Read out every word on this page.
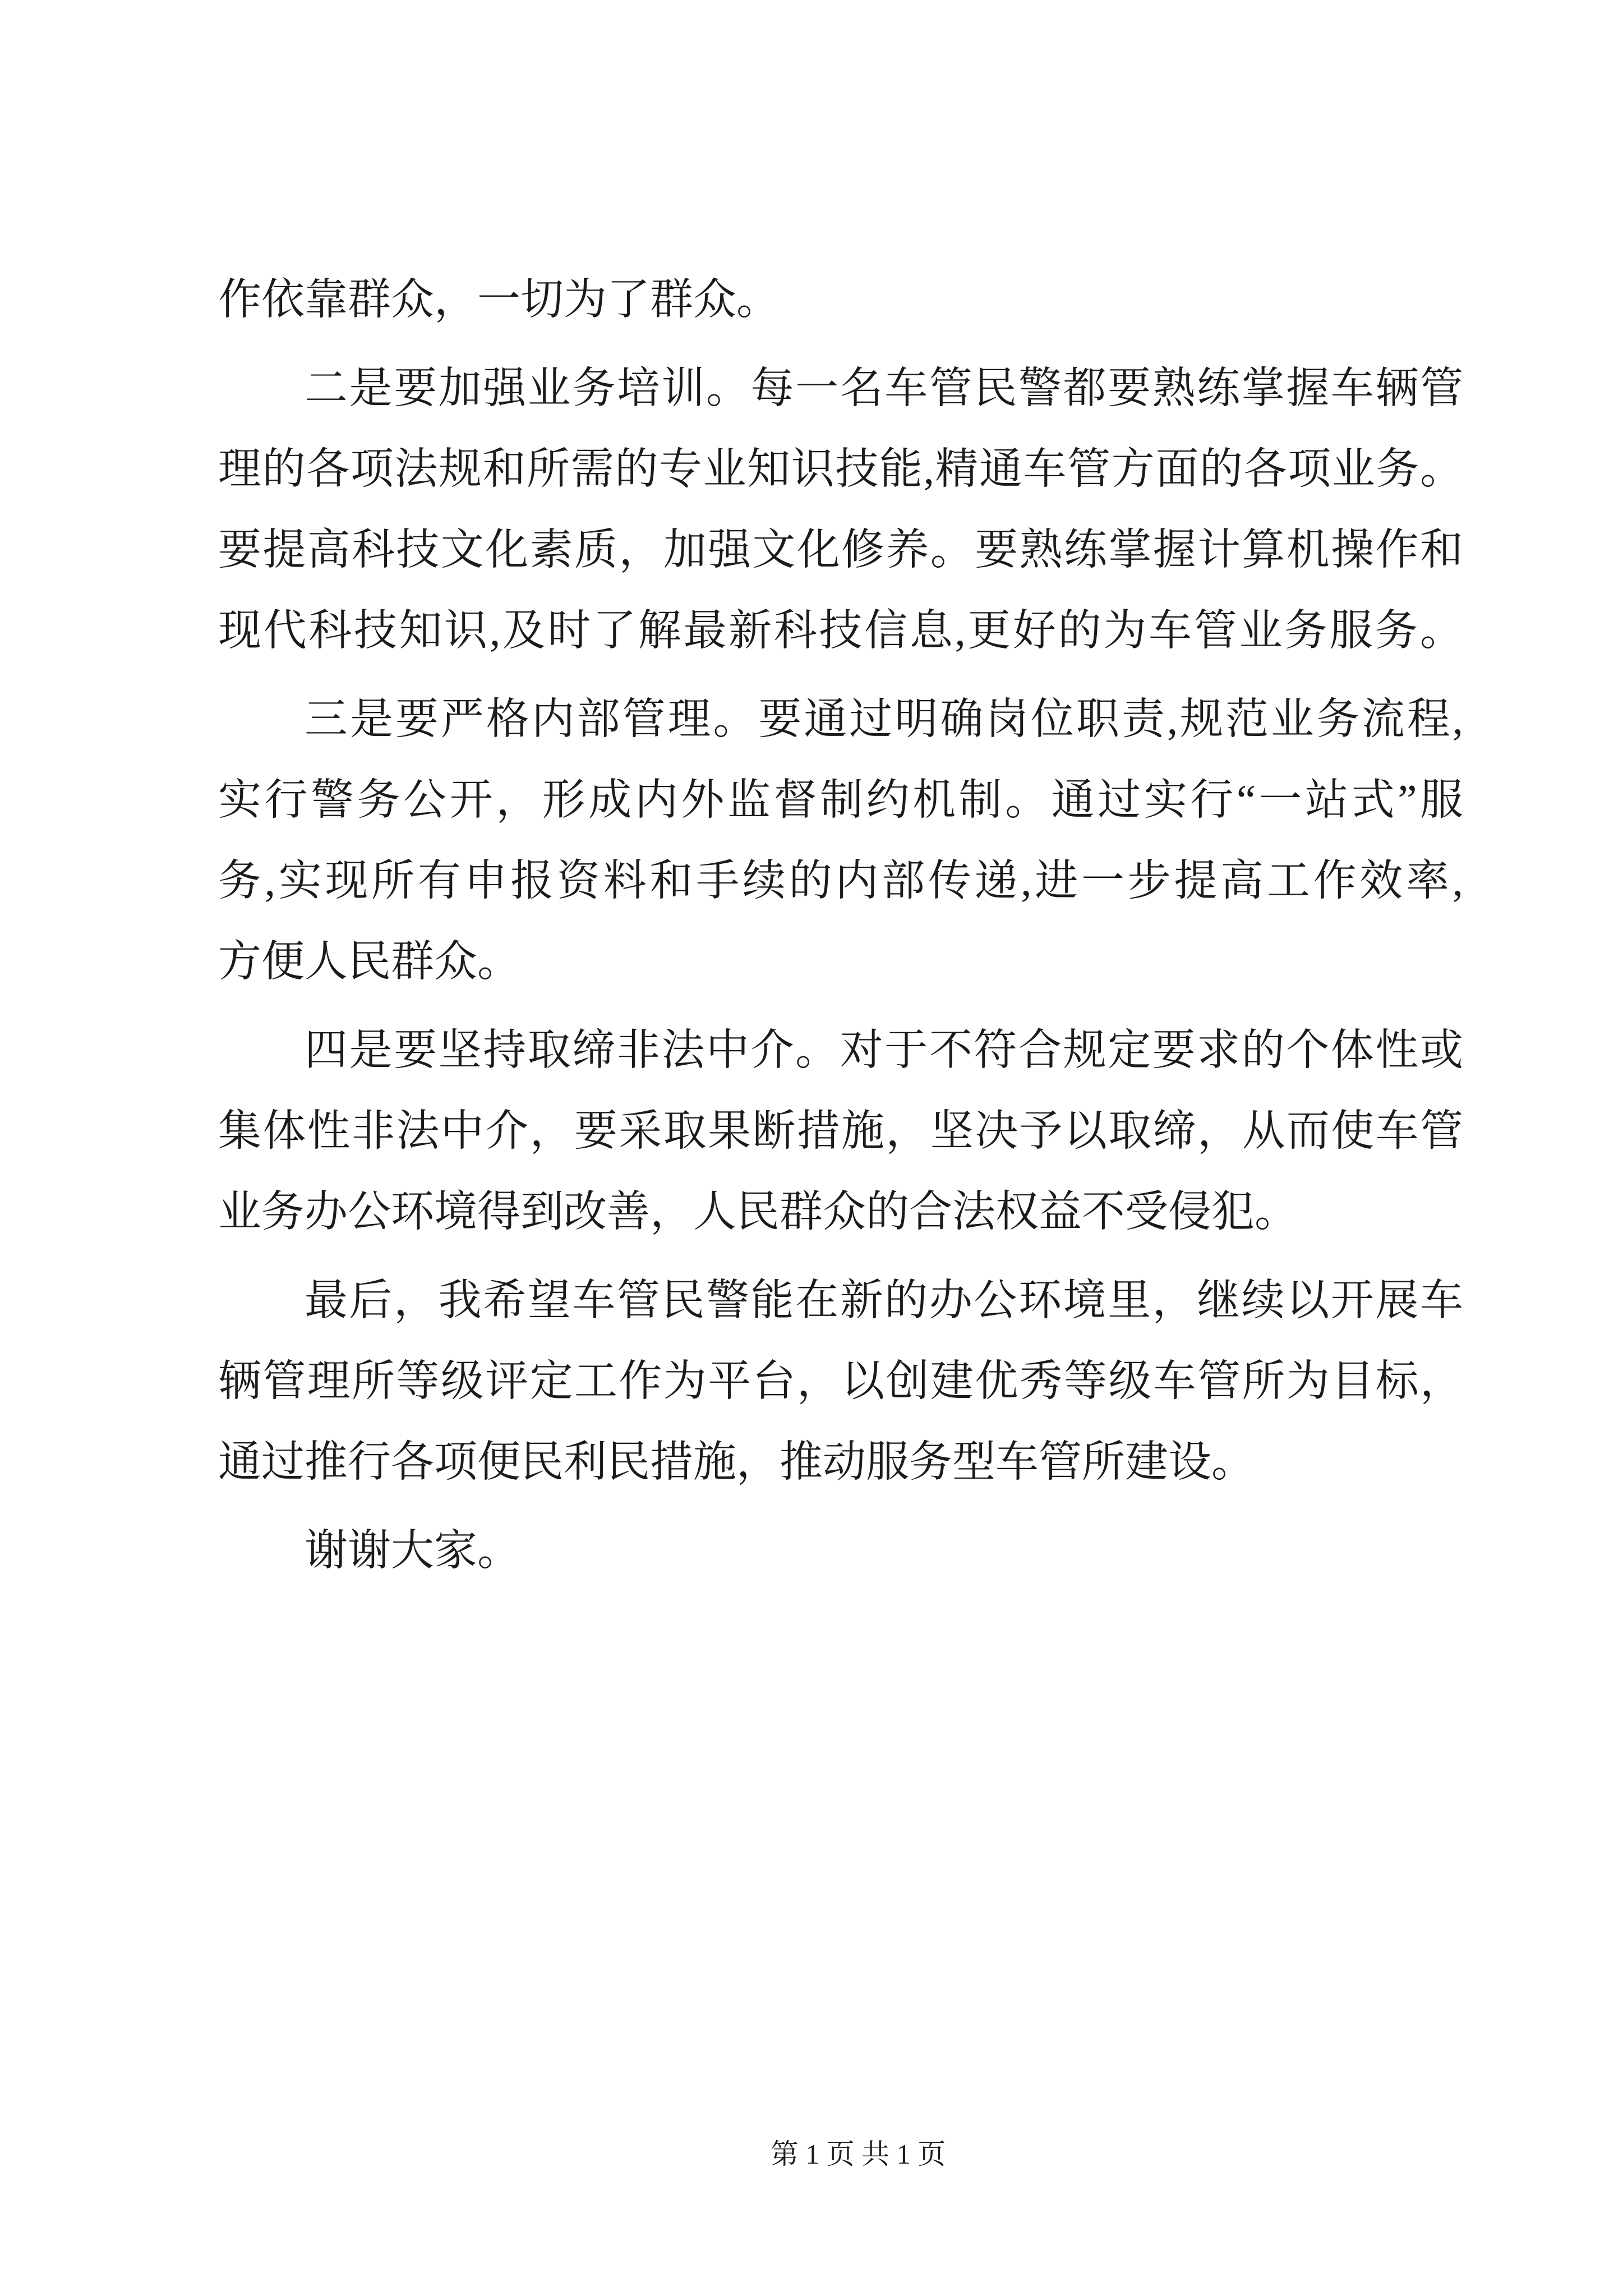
作依靠群众，一切为了群众。
二是要加强业务培训。每一名车管民警都要熟练掌握车辆管
理的各项法规和所需的专业知识技能,精通车管方面的各项业务。
要提高科技文化素质，加强文化修养。要熟练掌握计算机操作和
现代科技知识,及时了解最新科技信息,更好的为车管业务服务。
三是要严格内部管理。要通过明确岗位职责,规范业务流程,
实行警务公开，形成内外监督制约机制。通过实行“一站式”服
务,实现所有申报资料和手续的内部传递,进一步提高工作效率,
方便人民群众。
四是要坚持取缔非法中介。对于不符合规定要求的个体性或
集体性非法中介，要采取果断措施，坚决予以取缔，从而使车管
业务办公环境得到改善，人民群众的合法权益不受侵犯。
最后，我希望车管民警能在新的办公环境里，继续以开展车
辆管理所等级评定工作为平台，以创建优秀等级车管所为目标，
通过推行各项便民利民措施，推动服务型车管所建设。
谢谢大家。
第 1 页 共 1 页
